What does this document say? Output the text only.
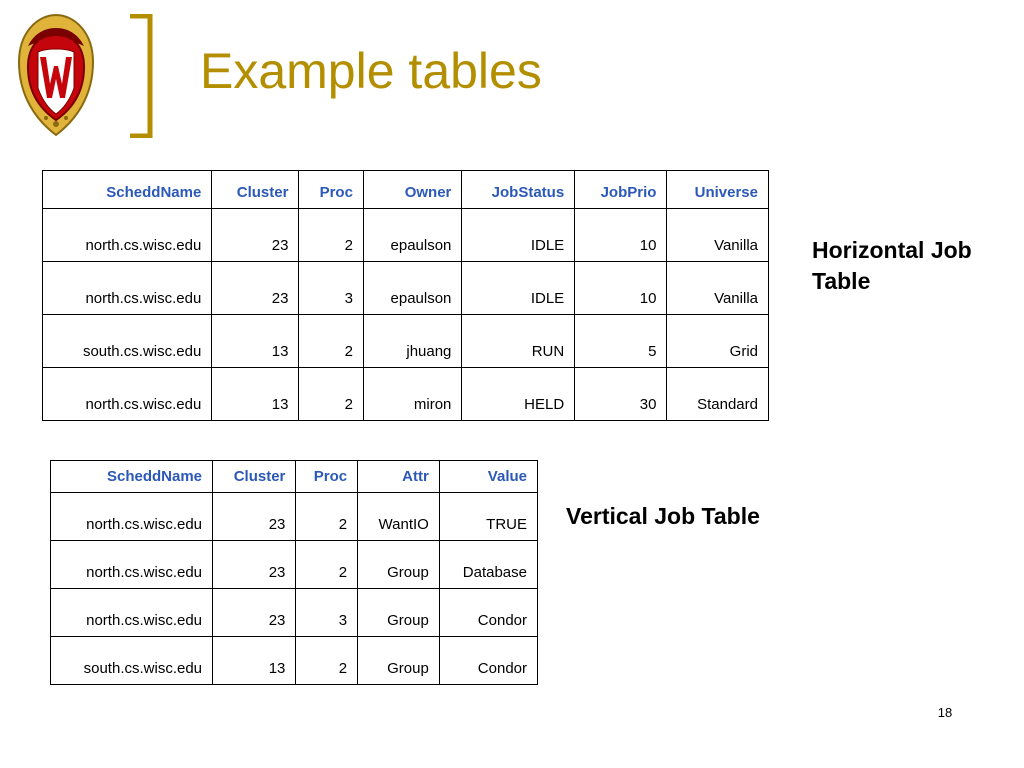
Example tables
ScheddName	Cluster	Proc	Owner	JobStatus	JobPrio	Universe
north.cs.wisc.edu	23	2	epaulson	IDLE	10	Vanilla
north.cs.wisc.edu	23	3	epaulson	IDLE	10	Vanilla
south.cs.wisc.edu	13	2	jhuang	RUN	5	Grid
north.cs.wisc.edu	13	2	miron	HELD	30	Standard
Horizontal Job Table
ScheddName	Cluster	Proc	Attr	Value
north.cs.wisc.edu	23	2	WantIO	TRUE
north.cs.wisc.edu	23	2	Group	Database
north.cs.wisc.edu	23	3	Group	Condor
south.cs.wisc.edu	13	2	Group	Condor
Vertical Job Table
18
